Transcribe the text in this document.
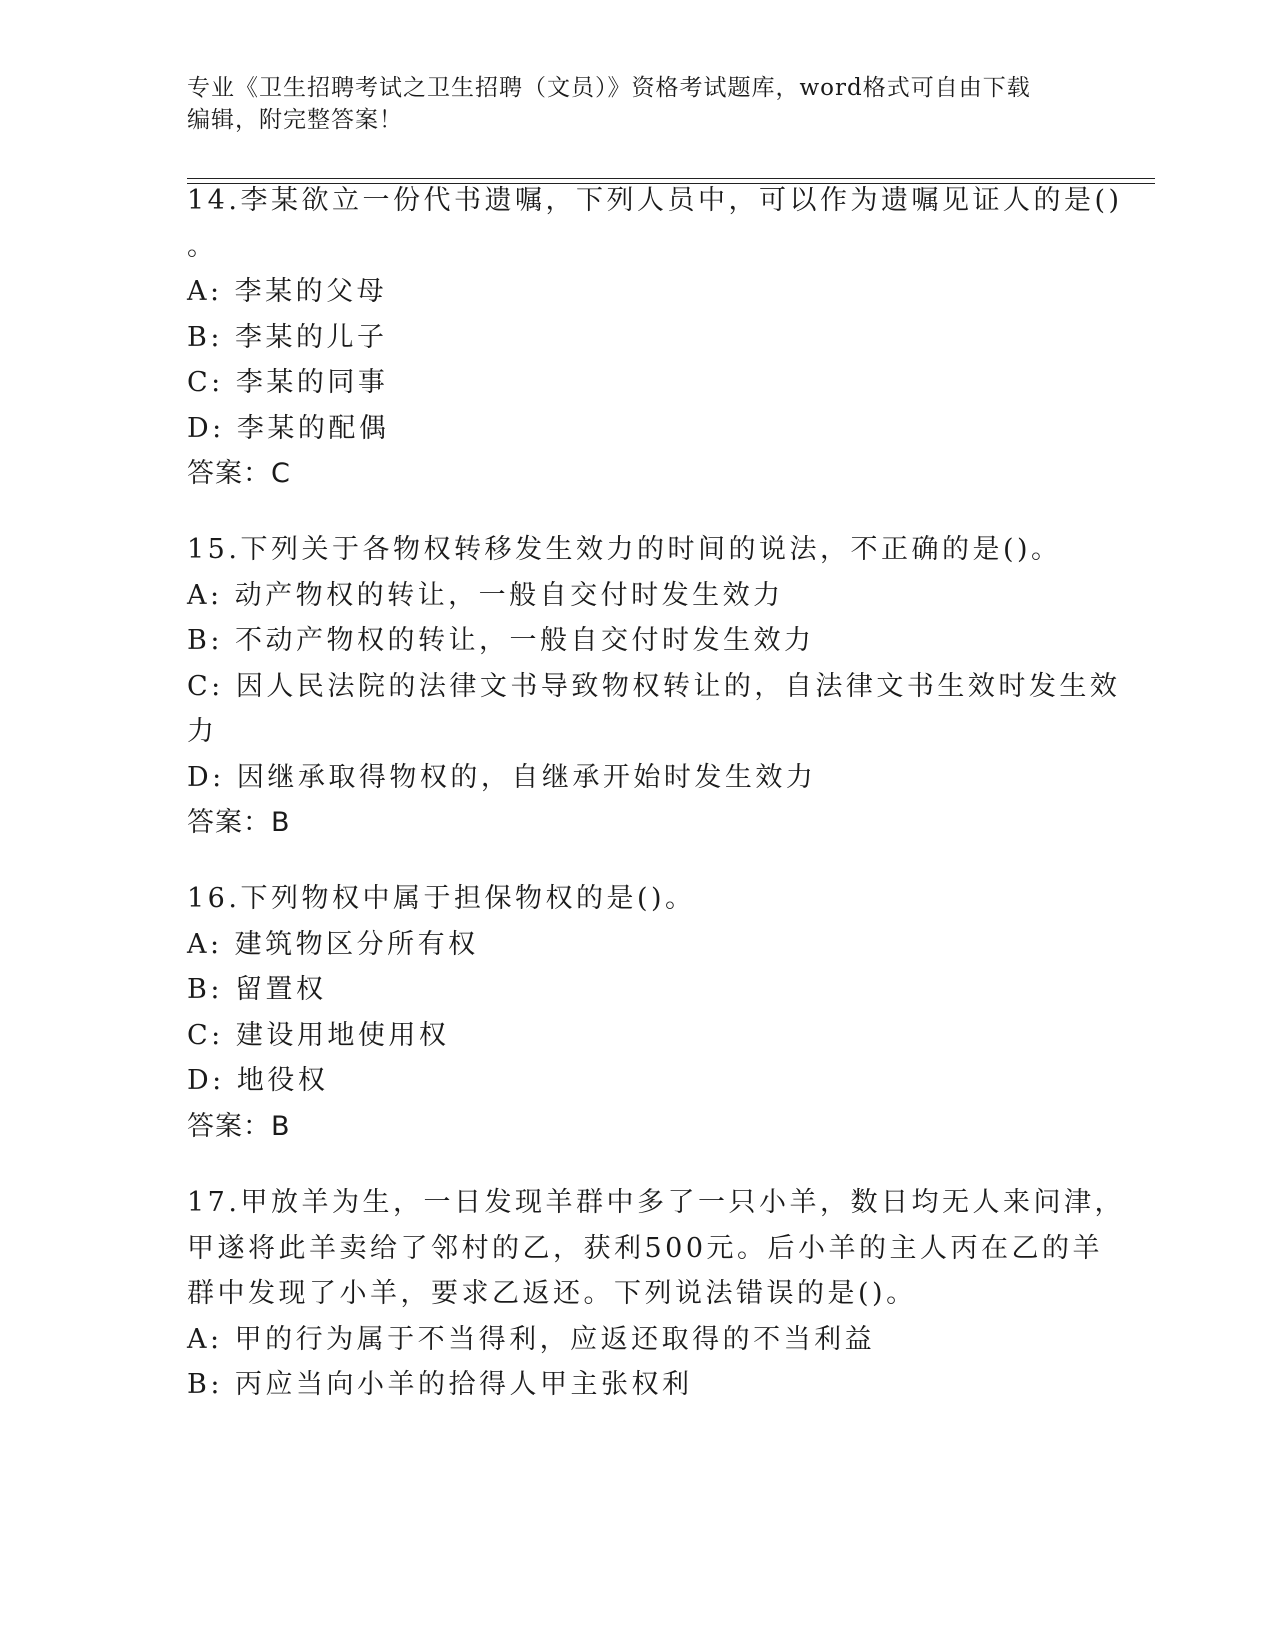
专业《卫生招聘考试之卫生招聘（文员）》资格考试题库，word格式可自由下载
编辑，附完整答案！
14.李某欲立一份代书遗嘱，下列人员中，可以作为遗嘱见证人的是()
。
A: 李某的父母
B: 李某的儿子
C: 李某的同事
D: 李某的配偶
答案：C
15.下列关于各物权转移发生效力的时间的说法，不正确的是()。
A: 动产物权的转让，一般自交付时发生效力
B: 不动产物权的转让，一般自交付时发生效力
C: 因人民法院的法律文书导致物权转让的，自法律文书生效时发生效
力
D: 因继承取得物权的，自继承开始时发生效力
答案：B
16.下列物权中属于担保物权的是()。
A: 建筑物区分所有权
B: 留置权
C: 建设用地使用权
D: 地役权
答案：B
17.甲放羊为生，一日发现羊群中多了一只小羊，数日均无人来问津，
甲遂将此羊卖给了邻村的乙，获利500元。后小羊的主人丙在乙的羊
群中发现了小羊，要求乙返还。下列说法错误的是()。
A: 甲的行为属于不当得利，应返还取得的不当利益
B: 丙应当向小羊的拾得人甲主张权利
